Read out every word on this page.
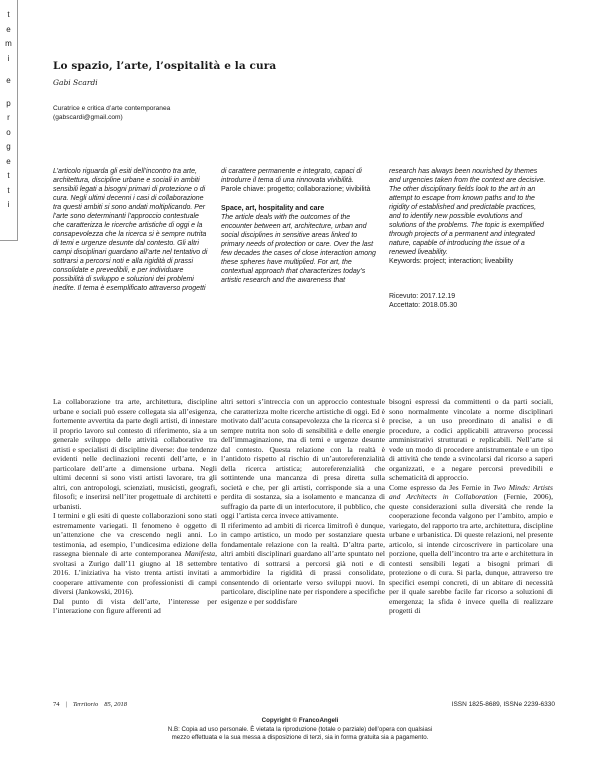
t
e
m
i
e
p
r
o
g
e
t
t
i
Lo spazio, l’arte, l’ospitalità e la cura
Gabi Scardi
Curatrice e critica d’arte contemporanea
(gabscardi@gmail.com)

L’articolo riguarda gli esiti dell’incontro tra arte, architettura, discipline urbane e sociali in ambiti sensibili legati a bisogni primari di protezione o di cura. Negli ultimi decenni i casi di collaborazione tra questi ambiti si sono andati moltiplicando. Per l’arte sono determinanti l’approccio contestuale che caratterizza le ricerche artistiche di oggi e la consapevolezza che la ricerca si è sempre nutrita di temi e urgenze desunte dal contesto. Gli altri campi disciplinari guardano all’arte nel tentativo di sottrarsi a percorsi noti e alla rigidità di prassi consolidate e prevedibili, e per individuare possibilità di sviluppo e soluzioni dei problemi inedite. Il tema è esemplificato attraverso progetti

di carattere permanente e integrato, capaci di introdurre il tema di una rinnovata vivibilità.

Parole chiave: progetto; collaborazione; vivibilità

Space, art, hospitality and care

The article deals with the outcomes of the encounter between art, architecture, urban and social disciplines in sensitive areas linked to primary needs of protection or care. Over the last few decades the cases of close interaction among these spheres have multiplied. For art, the contextual approach that characterizes today’s artistic research and the awareness that

research has always been nourished by themes and urgencies taken from the context are decisive. The other disciplinary fields look to the art in an attempt to escape from known paths and to the rigidity of established and predictable practices, and to identify new possible evolutions and solutions of the problems. The topic is exemplified through projects of a permanent and integrated nature, capable of introducing the issue of a renewed liveability.

Keywords: project; interaction; liveability

Ricevuto: 2017.12.19

Accettato: 2018.05.30

La collaborazione tra arte, architettura, discipline urbane e sociali può essere collegata sia all’esigenza, fortemente avvertita da parte degli artisti, di innestare il proprio lavoro sul contesto di riferimento, sia a un generale sviluppo delle attività collaborative tra artisti e specialisti di discipline diverse: due tendenze evidenti nelle declinazioni recenti dell’arte, e in particolare dell’arte a dimensione urbana. Negli ultimi decenni si sono visti artisti lavorare, tra gli altri, con antropologi, scienziati, musicisti, geografi, filosofi; e inserirsi nell’iter progettuale di architetti e urbanisti.

I termini e gli esiti di queste collaborazioni sono stati estremamente variegati. Il fenomeno è oggetto di un’attenzione che va crescendo negli anni. Lo testimonia, ad esempio, l’undicesima edizione della rassegna biennale di arte contemporanea Manifesta, svoltasi a Zurigo dall’11 giugno al 18 settembre 2016. L’iniziativa ha visto trenta artisti invitati a cooperare attivamente con professionisti di campi diversi (Jankowski, 2016).

Dal punto di vista dell’arte, l’interesse per l’interazione con figure afferenti ad

altri settori s’intreccia con un approccio contestuale che caratterizza molte ricerche artistiche di oggi. Ed è motivato dall’acuta consapevolezza che la ricerca si è sempre nutrita non solo di sensibilità e delle energie dell’immaginazione, ma di temi e urgenze desunte dal contesto. Questa relazione con la realtà è l’antidoto rispetto al rischio di un’autoreferenzialità della ricerca artistica; autoreferenzialità che sottintende una mancanza di presa diretta sulla società e che, per gli artisti, corrisponde sia a una perdita di sostanza, sia a isolamento e mancanza di suffragio da parte di un interlocutore, il pubblico, che oggi l’artista cerca invece attivamente.

Il riferimento ad ambiti di ricerca limitrofi è dunque, in campo artistico, un modo per sostanziare questa fondamentale relazione con la realtà. D’altra parte, altri ambiti disciplinari guardano all’arte spuntato nel tentativo di sottrarsi a percorsi già noti e di ammorbidire la rigidità di prassi consolidate, consentendo di orientarle verso sviluppi nuovi. In particolare, discipline nate per rispondere a specifiche esigenze e per soddisfare

bisogni espressi da committenti o da parti sociali, sono normalmente vincolate a norme disciplinari precise, a un uso preordinato di analisi e di procedure, a codici applicabili attraverso processi amministrativi strutturati e replicabili. Nell’arte si vede un modo di procedere antistrumentale e un tipo di attività che tende a svincolarsi dal ricorso a saperi organizzati, e a negare percorsi prevedibili e schematicità di approccio.

Come espresso da Jes Fernie in Two Minds: Artists and Architects in Collaboration (Fernie, 2006), queste considerazioni sulla diversità che rende la cooperazione feconda valgono per l’ambito, ampio e variegato, del rapporto tra arte, architettura, discipline urbane e urbanistica. Di queste relazioni, nel presente articolo, si intende circoscrivere in particolare una porzione, quella dell’incontro tra arte e architettura in contesti sensibili legati a bisogni primari di protezione o di cura. Si parla, dunque, attraverso tre specifici esempi concreti, di un abitare di necessità per il quale sarebbe facile far ricorso a soluzioni di emergenza; la sfida è invece quella di realizzare progetti di

74 | Territorio 85, 2018	ISSN 1825-8689, ISSNe 2239-6330
Copyright © FrancoAngeli
N.B: Copia ad uso personale. È vietata la riproduzione (totale o parziale) dell’opera con qualsiasi
mezzo effettuata e la sua messa a disposizione di terzi, sia in forma gratuita sia a pagamento.
